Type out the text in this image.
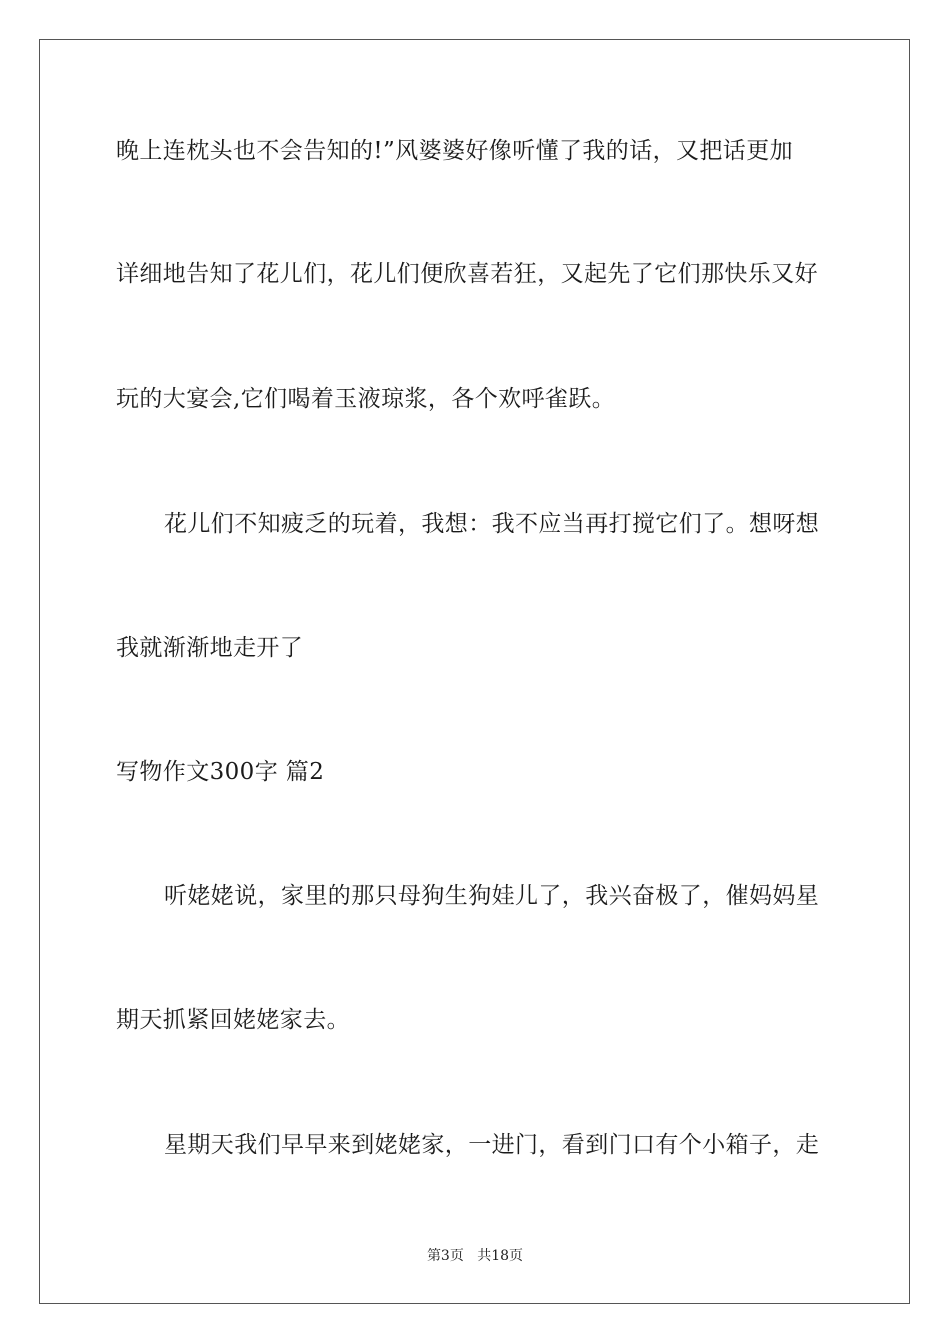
晚上连枕头也不会告知的!”风婆婆好像听懂了我的话，又把话更加
详细地告知了花儿们，花儿们便欣喜若狂，又起先了它们那快乐又好
玩的大宴会,它们喝着玉液琼浆，各个欢呼雀跃。
花儿们不知疲乏的玩着，我想：我不应当再打搅它们了。想呀想
我就渐渐地走开了
写物作文300字 篇2
听姥姥说，家里的那只母狗生狗娃儿了，我兴奋极了，催妈妈星
期天抓紧回姥姥家去。
星期天我们早早来到姥姥家，一进门，看到门口有个小箱子，走
第3页 共18页
